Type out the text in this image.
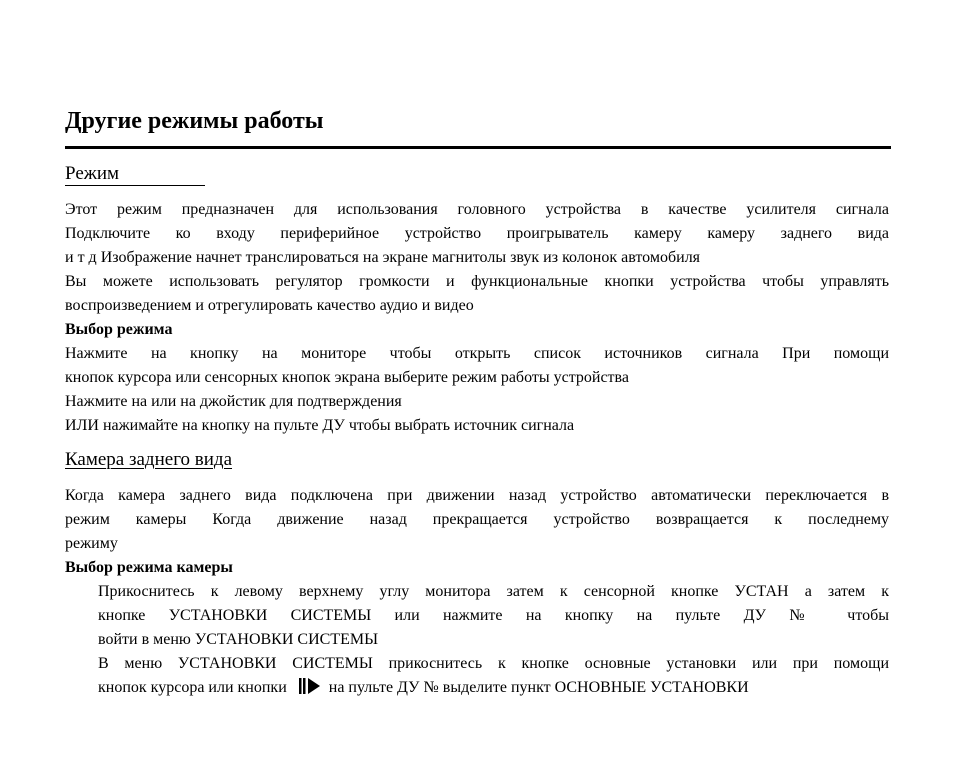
Другие режимы работы
Режим
Этот режим предназначен для использования головного устройства в качестве усилителя сигнала
Подключите ко входу периферийное устройство проигрыватель камеру камеру заднего вида
и т д Изображение начнет транслироваться на экране магнитолы звук из колонок автомобиля
Вы можете использовать регулятор громкости и функциональные кнопки устройства чтобы управлять
воспроизведением и отрегулировать качество аудио и видео
Выбор режима
Нажмите на кнопку на мониторе чтобы открыть список источников сигнала При помощи
кнопок курсора или сенсорных кнопок экрана выберите режим работы устройства
Нажмите на или на джойстик для подтверждения
ИЛИ нажимайте на кнопку на пульте ДУ чтобы выбрать источник сигнала
Камера заднего вида
Когда камера заднего вида подключена при движении назад устройство автоматически переключается в
режим камеры Когда движение назад прекращается устройство возвращается к последнему
режиму
Выбор режима камеры
Прикоснитесь к левому верхнему углу монитора затем к сенсорной кнопке УСТАН а затем к
кнопке УСТАНОВКИ СИСТЕМЫ или нажмите на кнопку на пульте ДУ № чтобы
войти в меню УСТАНОВКИ СИСТЕМЫ
В меню УСТАНОВКИ СИСТЕМЫ прикоснитесь к кнопке основные установки или при помощи
кнопок курсора или кнопки	на пульте ДУ № выделите пункт ОСНОВНЫЕ УСТАНОВКИ
